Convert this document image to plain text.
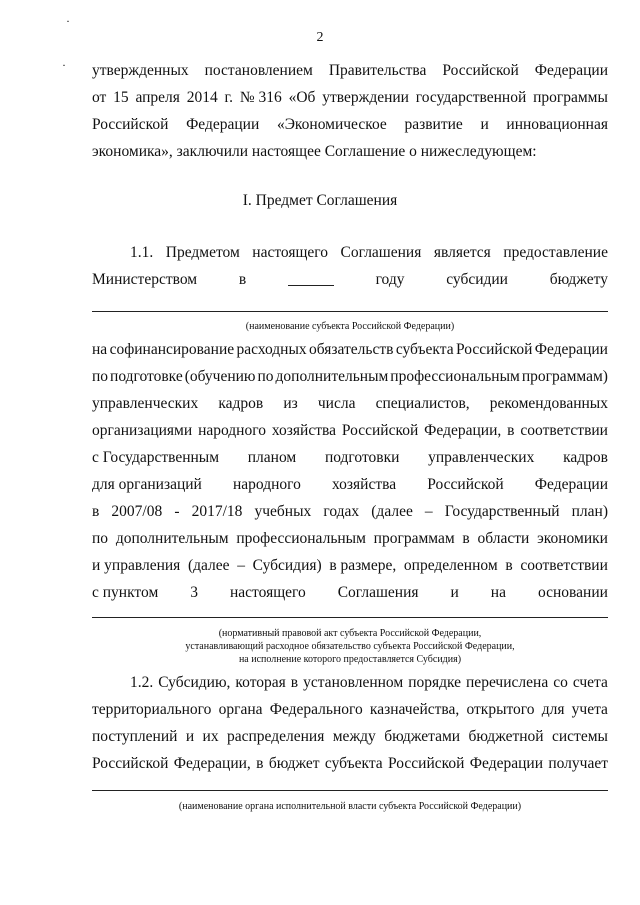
2
утвержденных постановлением Правительства Российской Федерации
от 15 апреля 2014 г. № 316 «Об утверждении государственной программы
Российской Федерации «Экономическое развитие и инновационная
экономика», заключили настоящее Соглашение о нижеследующем:
I. Предмет Соглашения
1.1. Предметом настоящего Соглашения является предоставление
Министерством	в	году	субсидии	бюджету
(наименование субъекта Российской Федерации)
на софинансирование расходных обязательств субъекта Российской Федерации
по подготовке (обучению по дополнительным профессиональным программам)
управленческих кадров из числа специалистов, рекомендованных
организациями народного хозяйства Российской Федерации, в соответствии
с Государственным планом подготовки управленческих кадров
для организаций народного хозяйства Российской Федерации
в 2007/08 - 2017/18 учебных годах (далее – Государственный план)
по дополнительным профессиональным программам в области экономики
и управления (далее – Субсидия) в размере, определенном в соответствии
с пунктом 3 настоящего Соглашения и на основании
(нормативный правовой акт субъекта Российской Федерации,
устанавливающий расходное обязательство субъекта Российской Федерации,
на исполнение которого предоставляется Субсидия)
1.2. Субсидию, которая в установленном порядке перечислена со счета
территориального органа Федерального казначейства, открытого для учета
поступлений и их распределения между бюджетами бюджетной системы
Российской Федерации, в бюджет субъекта Российской Федерации получает
(наименование органа исполнительной власти субъекта Российской Федерации)
·
·
